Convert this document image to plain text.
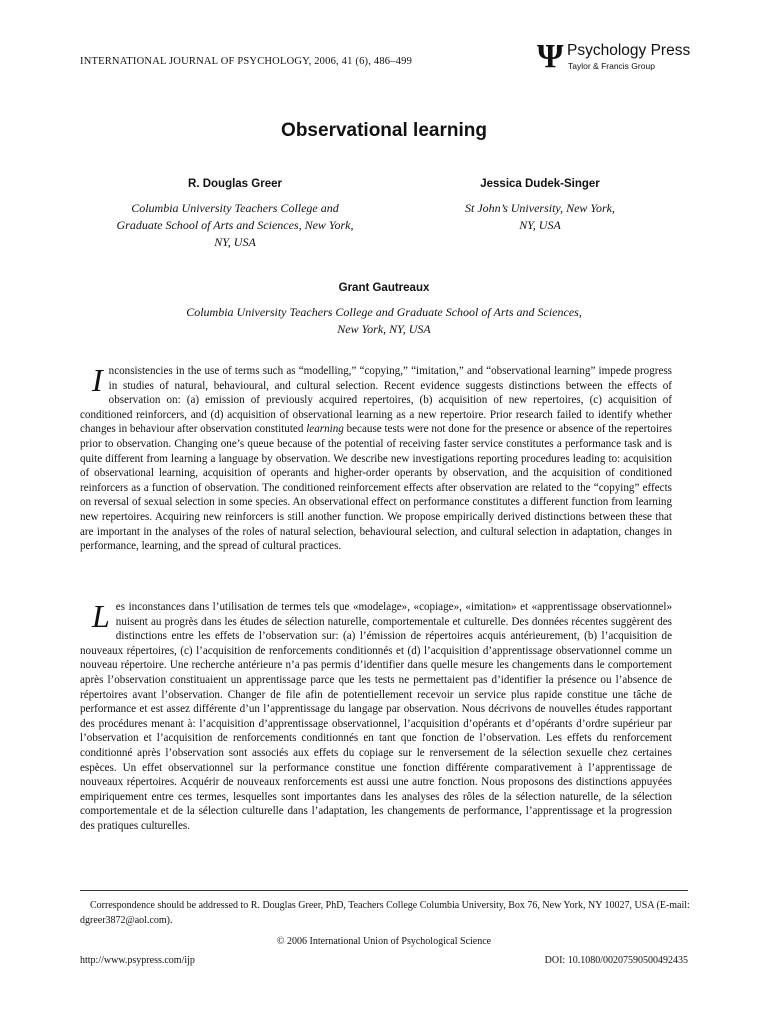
INTERNATIONAL JOURNAL OF PSYCHOLOGY, 2006, 41 (6), 486–499	Ψ Psychology Press
Taylor & Francis Group
Observational learning
R. Douglas Greer
Columbia University Teachers College and
Graduate School of Arts and Sciences, New York,
NY, USA
Jessica Dudek-Singer
St John’s University, New York,
NY, USA
Grant Gautreaux
Columbia University Teachers College and Graduate School of Arts and Sciences,
New York, NY, USA

Inconsistencies in the use of terms such as “modelling,” “copying,” “imitation,” and “observational learning” impede progress in studies of natural, behavioural, and cultural selection. Recent evidence suggests distinctions between the effects of observation on: (a) emission of previously acquired repertoires, (b) acquisition of new repertoires, (c) acquisition of conditioned reinforcers, and (d) acquisition of observational learning as a new repertoire. Prior research failed to identify whether changes in behaviour after observation constituted learning because tests were not done for the presence or absence of the repertoires prior to observation. Changing one’s queue because of the potential of receiving faster service constitutes a performance task and is quite different from learning a language by observation. We describe new investigations reporting procedures leading to: acquisition of observational learning, acquisition of operants and higher-order operants by observation, and the acquisition of conditioned reinforcers as a function of observation. The conditioned reinforcement effects after observation are related to the “copying” effects on reversal of sexual selection in some species. An observational effect on performance constitutes a different function from learning new repertoires. Acquiring new reinforcers is still another function. We propose empirically derived distinctions between these that are important in the analyses of the roles of natural selection, behavioural selection, and cultural selection in adaptation, changes in performance, learning, and the spread of cultural practices.

Les inconstances dans l’utilisation de termes tels que «modelage», «copiage», «imitation» et «apprentissage observationnel» nuisent au progrès dans les études de sélection naturelle, comportementale et culturelle. Des données récentes suggèrent des distinctions entre les effets de l’observation sur: (a) l’émission de répertoires acquis antérieurement, (b) l’acquisition de nouveaux répertoires, (c) l’acquisition de renforcements conditionnés et (d) l’acquisition d’apprentissage observationnel comme un nouveau répertoire. Une recherche antérieure n’a pas permis d’identifier dans quelle mesure les changements dans le comportement après l’observation constituaient un apprentissage parce que les tests ne permettaient pas d’identifier la présence ou l’absence de répertoires avant l’observation. Changer de file afin de potentiellement recevoir un service plus rapide constitue une tâche de performance et est assez différente d’un l’apprentissage du langage par observation. Nous décrivons de nouvelles études rapportant des procédures menant à: l’acquisition d’apprentissage observationnel, l’acquisition d’opérants et d’opérants d’ordre supérieur par l’observation et l’acquisition de renforcements conditionnés en tant que fonction de l’observation. Les effets du renforcement conditionné après l’observation sont associés aux effets du copiage sur le renversement de la sélection sexuelle chez certaines espèces. Un effet observationnel sur la performance constitue une fonction différente comparativement à l’apprentissage de nouveaux répertoires. Acquérir de nouveaux renforcements est aussi une autre fonction. Nous proposons des distinctions appuyées empiriquement entre ces termes, lesquelles sont importantes dans les analyses des rôles de la sélection naturelle, de la sélection comportementale et de la sélection culturelle dans l’adaptation, les changements de performance, l’apprentissage et la progression des pratiques culturelles.

Correspondence should be addressed to R. Douglas Greer, PhD, Teachers College Columbia University, Box 76, New York, NY 10027, USA (E-mail: dgreer3872@aol.com).

© 2006 International Union of Psychological Science
http://www.psypress.com/ijp	DOI: 10.1080/00207590500492435
